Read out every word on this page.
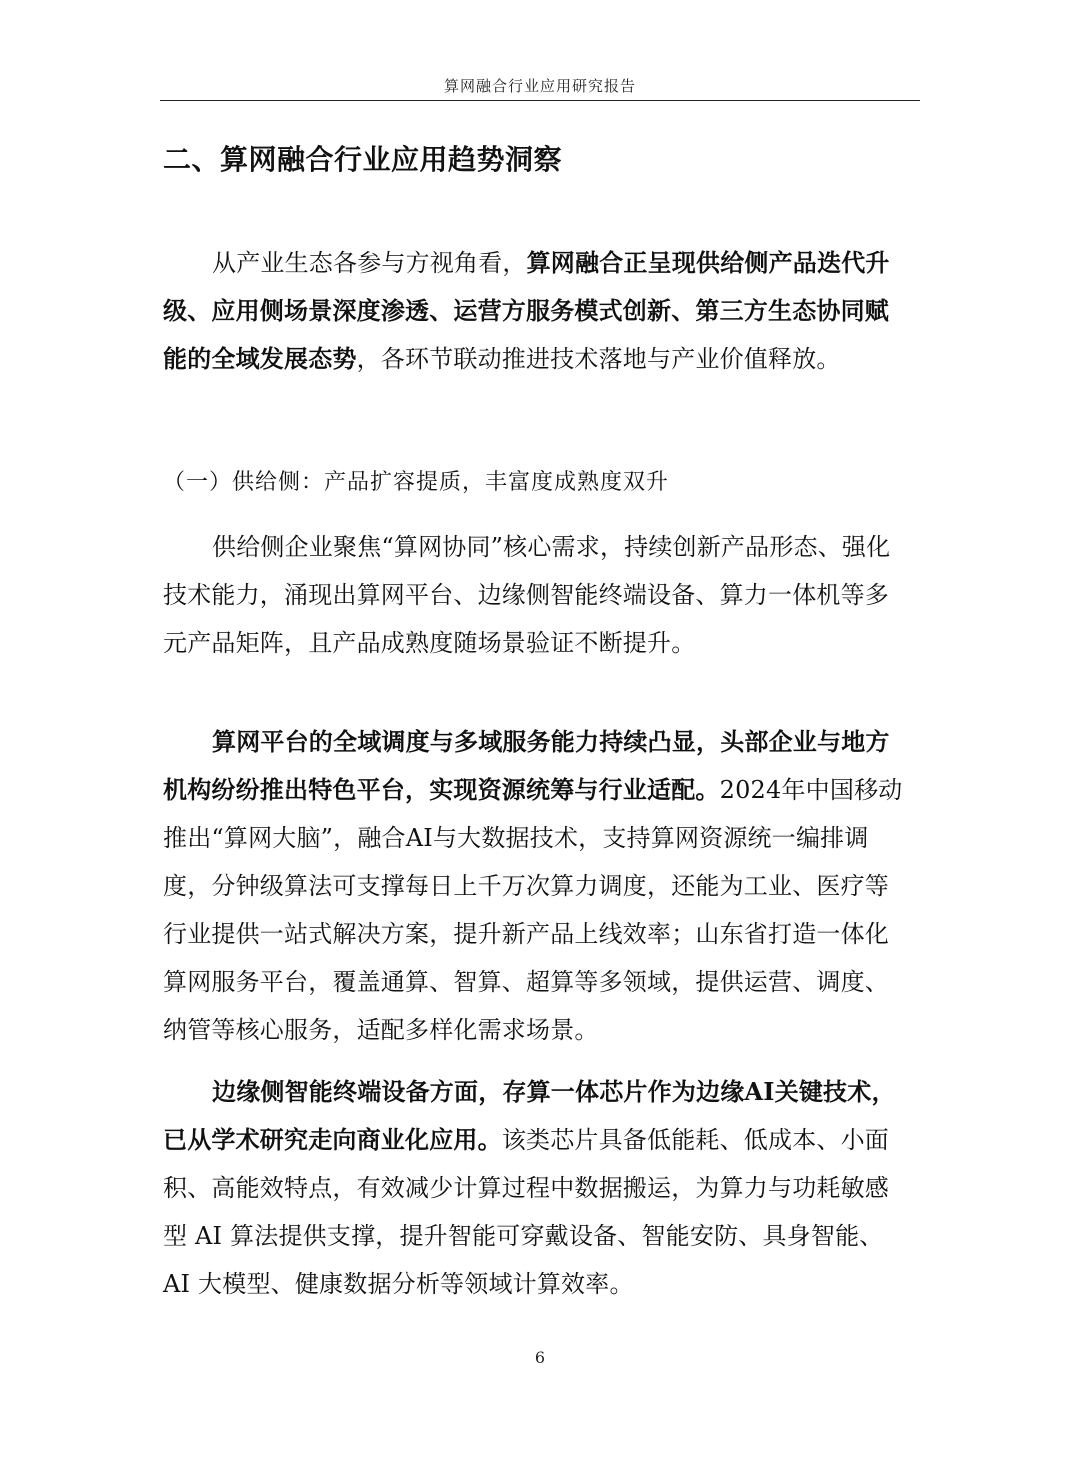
算网融合行业应用研究报告
二、算网融合行业应用趋势洞察

从产业生态各参与方视角看，算网融合正呈现供给侧产品迭代升级、应用侧场景深度渗透、运营方服务模式创新、第三方生态协同赋能的全域发展态势，各环节联动推进技术落地与产业价值释放。

（一）供给侧：产品扩容提质，丰富度成熟度双升

供给侧企业聚焦“算网协同”核心需求，持续创新产品形态、强化技术能力，涌现出算网平台、边缘侧智能终端设备、算力一体机等多元产品矩阵，且产品成熟度随场景验证不断提升。

算网平台的全域调度与多域服务能力持续凸显，头部企业与地方机构纷纷推出特色平台，实现资源统筹与行业适配。2024年中国移动推出“算网大脑”，融合AI与大数据技术，支持算网资源统一编排调度，分钟级算法可支撑每日上千万次算力调度，还能为工业、医疗等行业提供一站式解决方案，提升新产品上线效率；山东省打造一体化算网服务平台，覆盖通算、智算、超算等多领域，提供运营、调度、纳管等核心服务，适配多样化需求场景。

边缘侧智能终端设备方面，存算一体芯片作为边缘AI关键技术，已从学术研究走向商业化应用。该类芯片具备低能耗、低成本、小面积、高能效特点，有效减少计算过程中数据搬运，为算力与功耗敏感型 AI 算法提供支撑，提升智能可穿戴设备、智能安防、具身智能、AI 大模型、健康数据分析等领域计算效率。

6
